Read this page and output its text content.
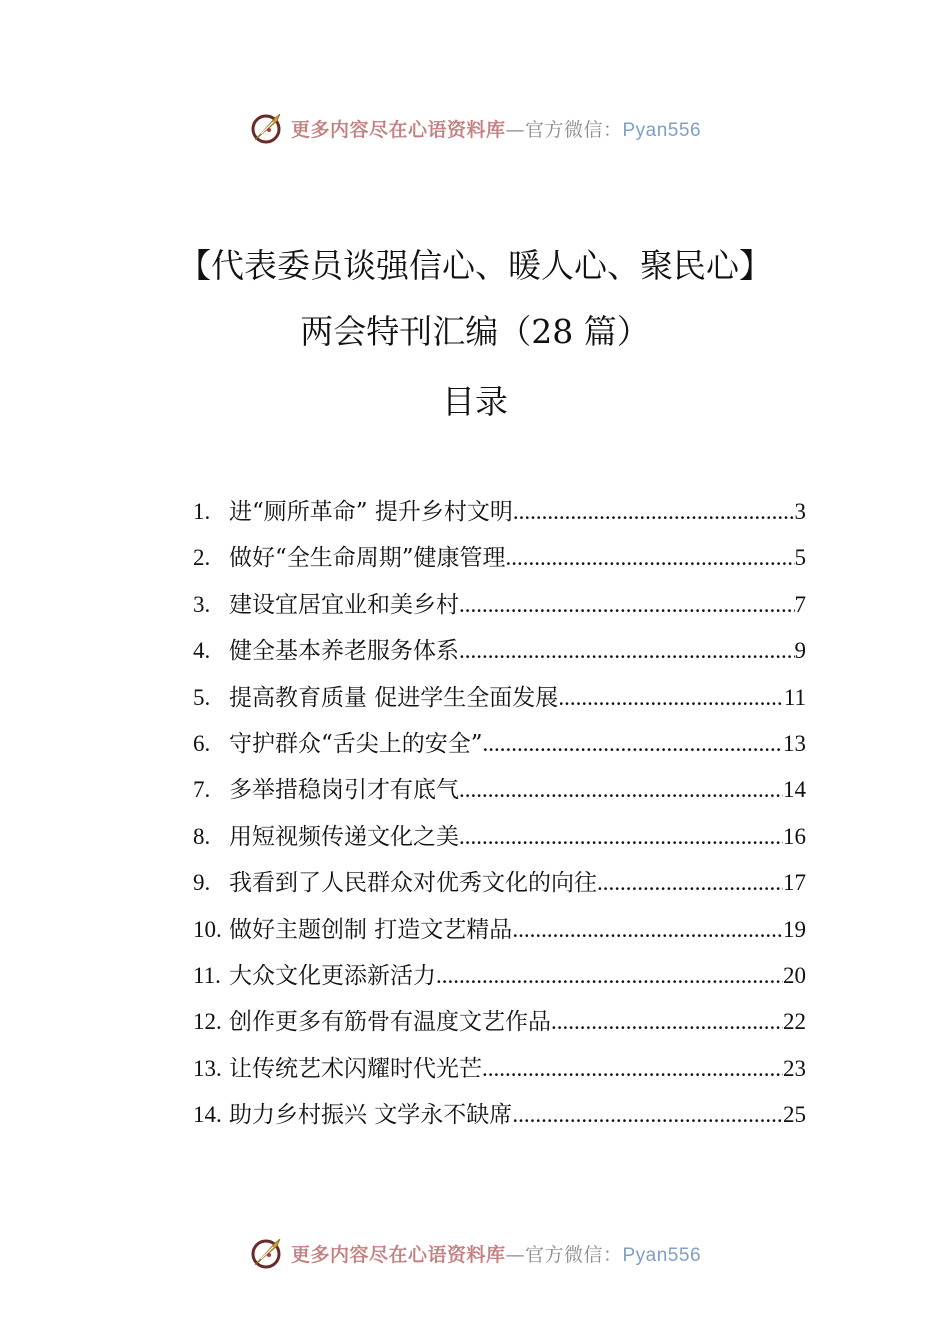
更多内容尽在心语资料库—官方微信：Pyan556
【代表委员谈强信心、暖人心、聚民心】
两会特刊汇编（28 篇）
目录
1. 进“厕所革命” 提升乡村文明 .....	3
2. 做好“全生命周期”健康管理 .....	5
3. 建设宜居宜业和美乡村 .....	7
4. 健全基本养老服务体系 .....	9
5. 提高教育质量 促进学生全面发展 .....	11
6. 守护群众“舌尖上的安全” .....	13
7. 多举措稳岗引才有底气 .....	14
8. 用短视频传递文化之美 .....	16
9. 我看到了人民群众对优秀文化的向往 .....	17
10. 做好主题创制 打造文艺精品 .....	19
11. 大众文化更添新活力 .....	20
12. 创作更多有筋骨有温度文艺作品 .....	22
13. 让传统艺术闪耀时代光芒 .....	23
14. 助力乡村振兴 文学永不缺席 .....	25
更多内容尽在心语资料库—官方微信：Pyan556
